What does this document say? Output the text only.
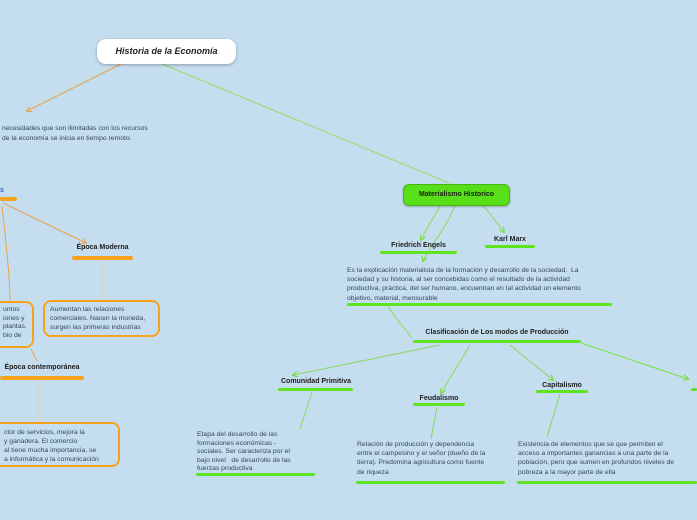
Historia de la Economía
necesidades que son ilimitadas con los recursos
de la economía se inicia en tiempo remoto.
s
Época Moderna
untos
iones y
plantas.
bio de
Aumentan las relaciones
comerciales. Nacen la moneda,
surgen las primeras industrias
Época contemporánea
ctor de servicios, mejora la
y ganadera. El comercio
al tiene mucha importancia, se
a informática y la comunicación
Materialismo Historico
Friedrich Engels
Karl Marx
Es la explicación materialista de la formación y desarrollo de la sociedad.  La
sociedad y su historia, al ser concebidas como el resultado de la actividad
productiva, práctica, del ser humano, encuentran en tal actividad un elemento
objetivo, material, mensurable
Clasificación de Los modos de Producción
Comunidad Primitiva
Etapa del desarrollo de las
formaciones económicas -
sociales. Ser caracteriza por el
bajo nivel   de desarrollo de las
fuerzas productiva
Feudalismo
Relación de producción y dependencia
entre el campesino y el señor (dueño de la
tierra). Predomina agricultura como fuente
de riqueza
Capitalismo
Existencia de elementos que se que permiten el
acceso a importantes ganancias a una parte de la
población, pero que sumen en profundos niveles de
pobreza a la mayor parte de ella
